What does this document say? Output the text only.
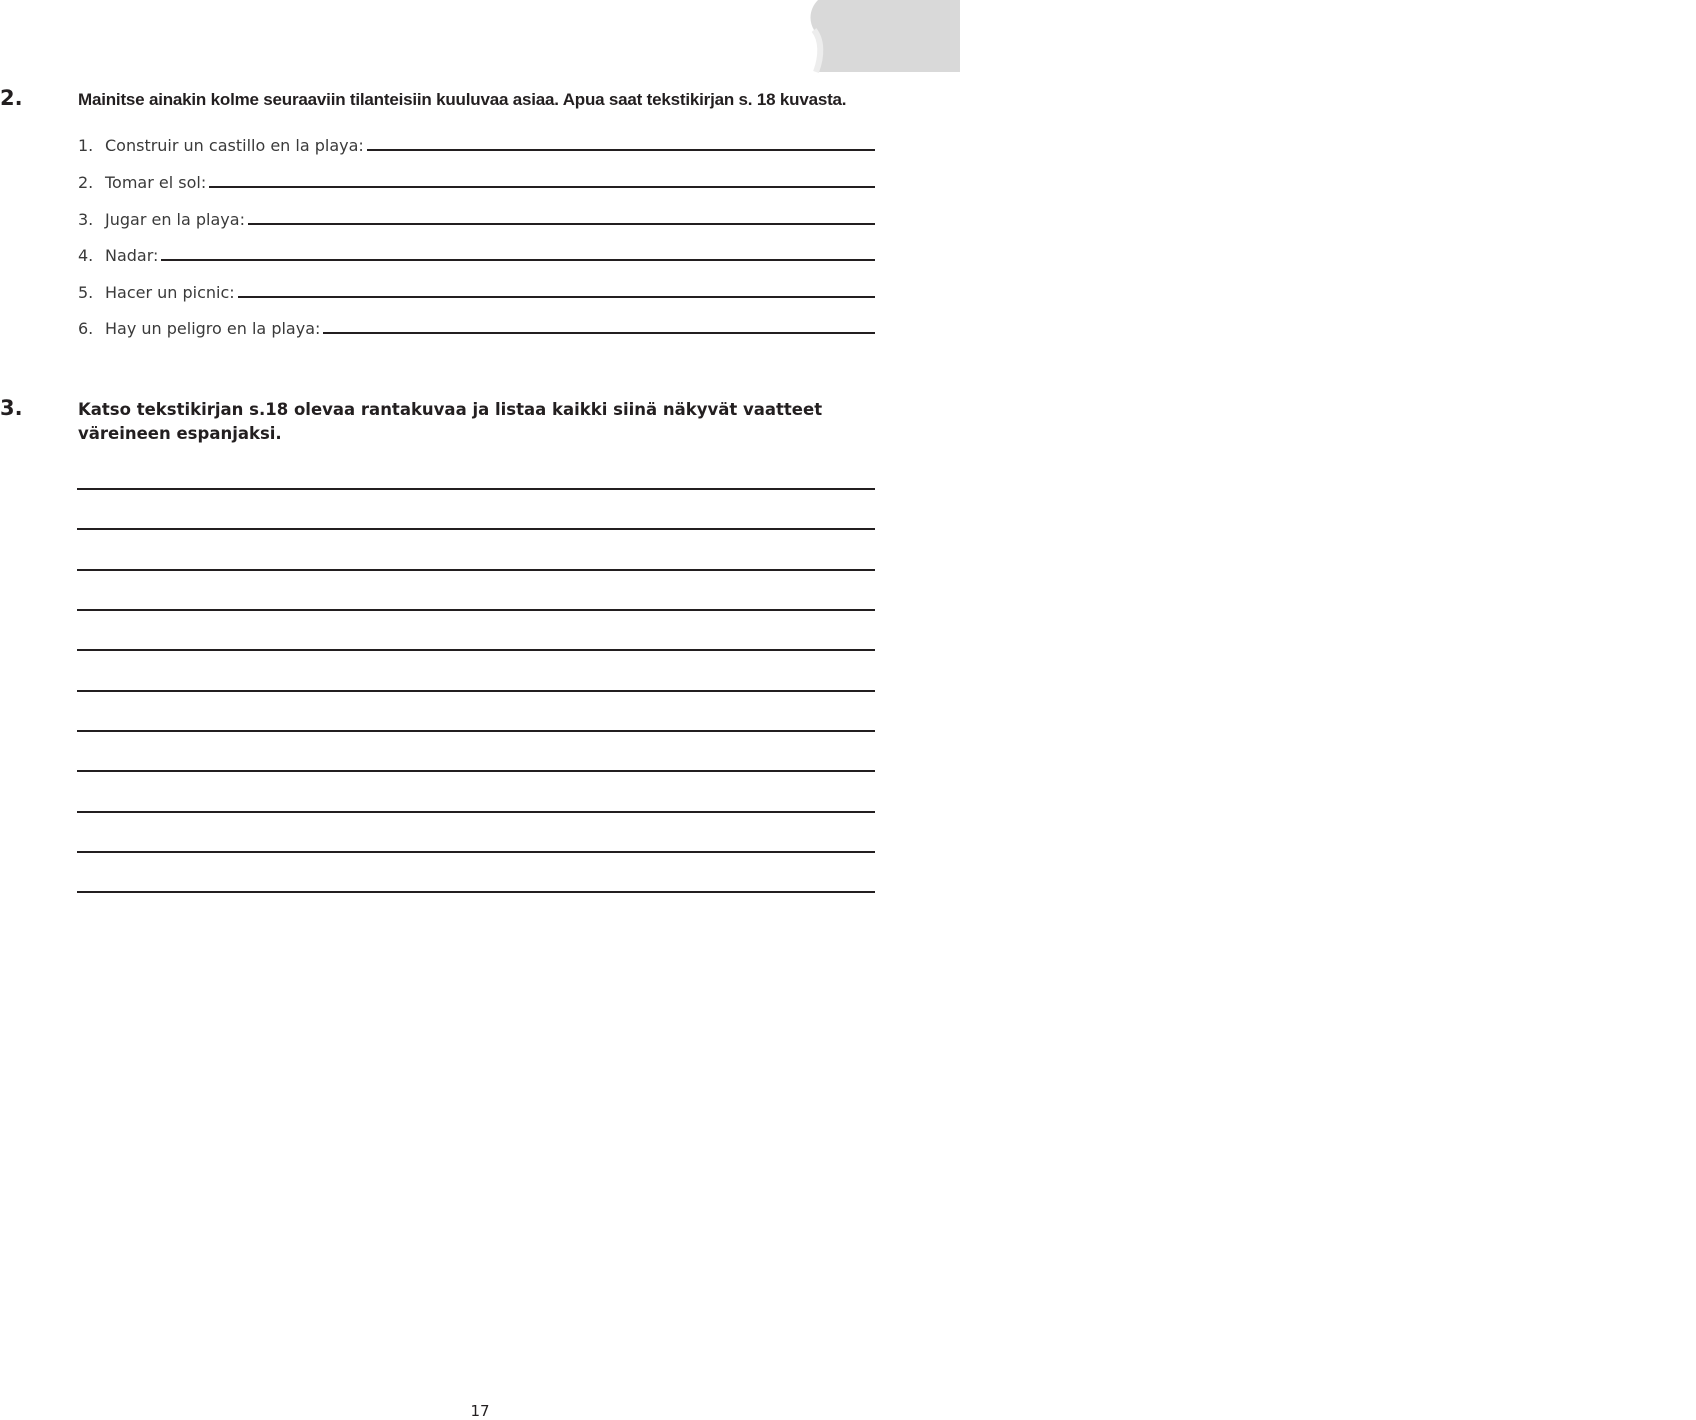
UNIDAD 3
2.	Mainitse ainakin kolme seuraaviin tilanteisiin kuuluvaa asiaa. Apua saat tekstikirjan s. 18 kuvasta.
1. Construir un castillo en la playa:
2. Tomar el sol:
3. Jugar en la playa:
4. Nadar:
5. Hacer un picnic:
6. Hay un peligro en la playa:
3.	Katso tekstikirjan s.18 olevaa rantakuvaa ja listaa kaikki siinä näkyvät vaatteet väreineen espanjaksi.
17
